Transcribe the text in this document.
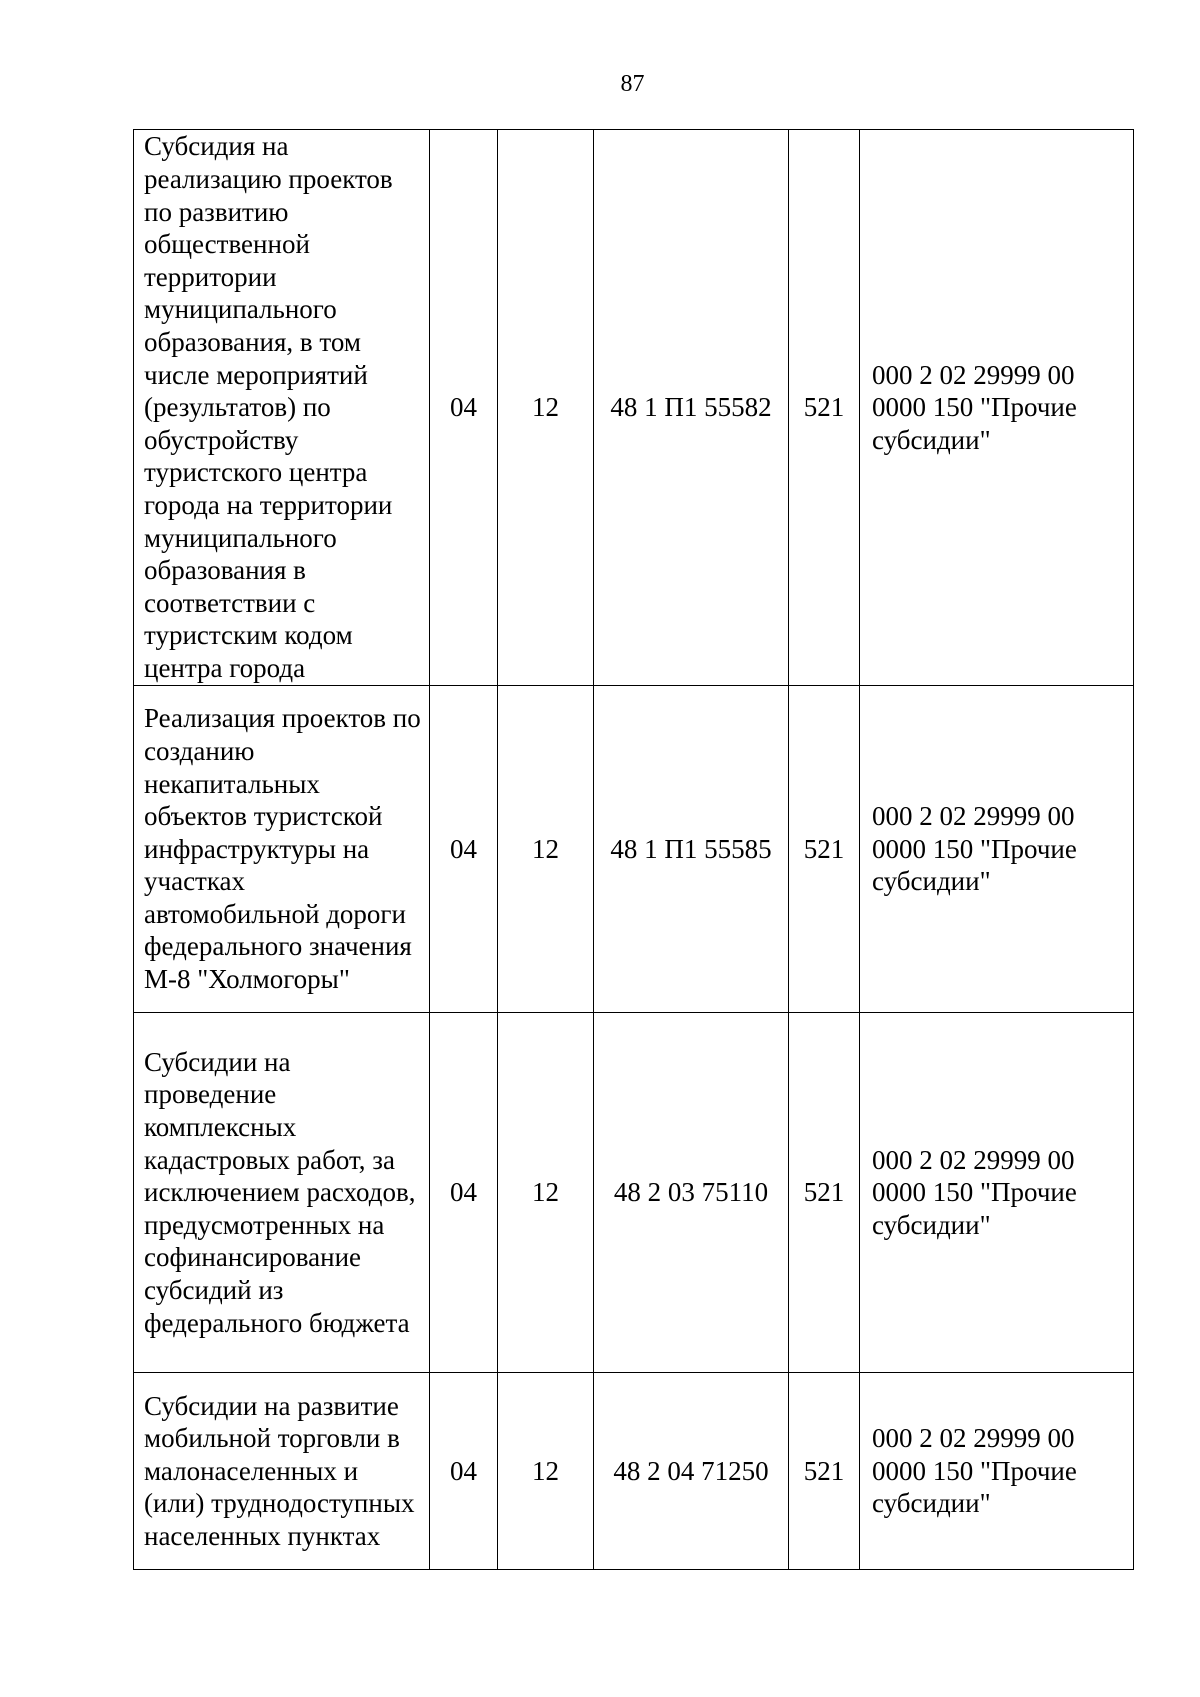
87
Субсидия на реализацию проектов по развитию общественной территории муниципального образования, в том числе мероприятий (результатов) по обустройству туристского центра города на территории муниципального образования в соответствии с туристским кодом центра города	04	12	48 1 П1 55582	521	000 2 02 29999 00 0000 150 "Прочие субсидии"
Реализация проектов по созданию некапитальных объектов туристской инфраструктуры на участках автомобильной дороги федерального значения М-8 "Холмогоры"	04	12	48 1 П1 55585	521	000 2 02 29999 00 0000 150 "Прочие субсидии"
Субсидии на проведение комплексных кадастровых работ, за исключением расходов, предусмотренных на софинансирование субсидий из федерального бюджета	04	12	48 2 03 75110	521	000 2 02 29999 00 0000 150 "Прочие субсидии"
Субсидии на развитие мобильной торговли в малонаселенных и (или) труднодоступных населенных пунктах	04	12	48 2 04 71250	521	000 2 02 29999 00 0000 150 "Прочие субсидии"
